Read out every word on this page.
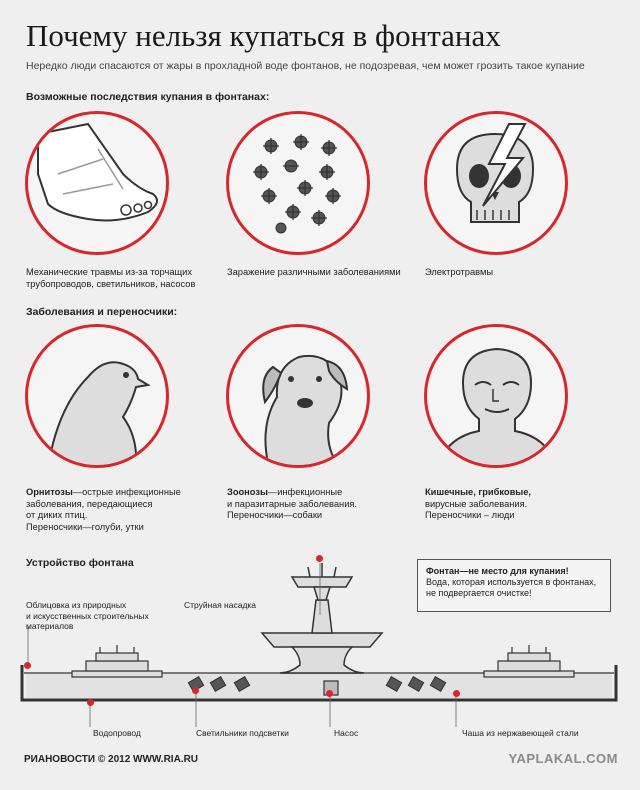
Почему нельзя купаться в фонтанах
Нередко люди спасаются от жары в прохладной воде фонтанов, не подозревая, чем может грозить такое купание
Возможные последствия купания в фонтанах:
Механические травмы из-за торчащих
трубопроводов, светильников, насосов
Заражение различными заболеваниями	Электротравмы
Заболевания и переносчики:
Орнитозы—острые инфекционные
заболевания, передающиеся
от диких птиц.
Переносчики—голуби, утки
Зоонозы—инфекционные
и паразитарные заболевания.
Переносчики—собаки
Кишечные, грибковые,
вирусные заболевания.
Переносчики – люди
Устройство фонтана
Фонтан—не место для купания!
Вода, которая используется в фонтанах,
не подвергается очистке!
Облицовка из природных
и искусственных строительных
материалов
Струйная насадка
Водопровод	Светильники подсветки	Насос	Чаша из нержавеющей стали
РИАНОВОСТИ © 2012 WWW.RIA.RU	YAPLAKAL.COM
